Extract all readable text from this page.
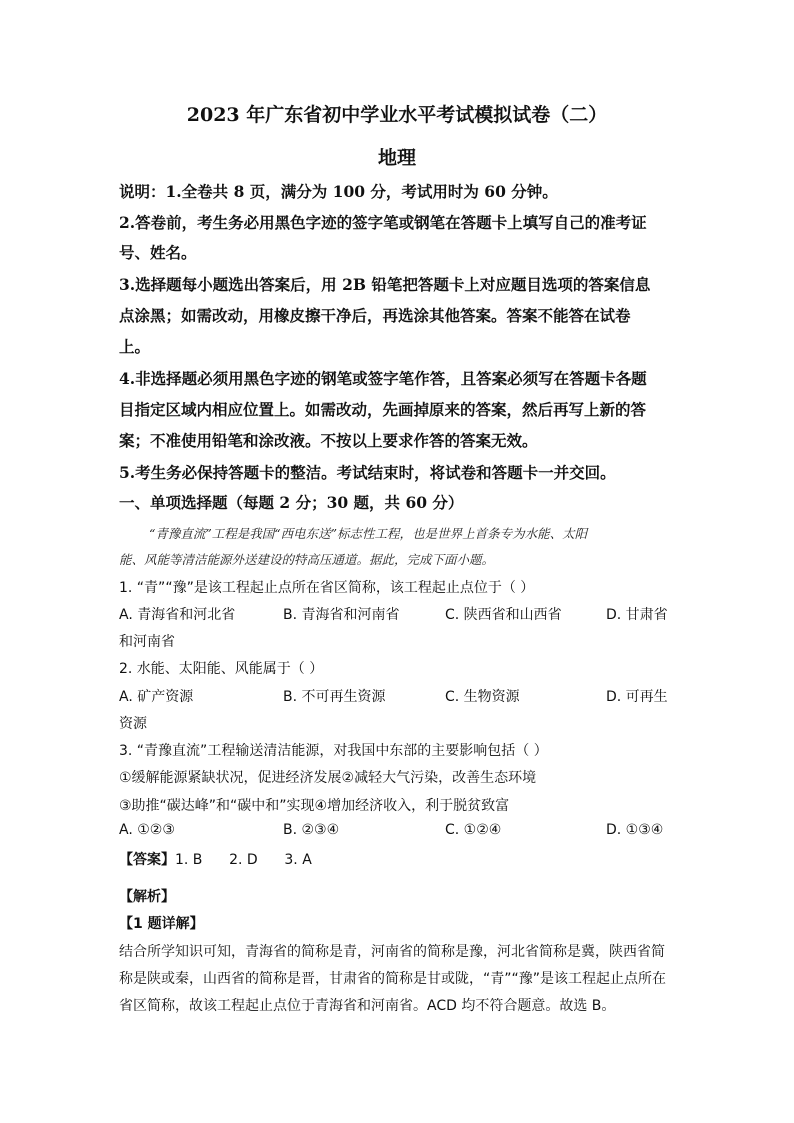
2023 年广东省初中学业水平考试模拟试卷（二）
地理
说明：1.全卷共 8 页，满分为 100 分，考试用时为 60 分钟。
2.答卷前，考生务必用黑色字迹的签字笔或钢笔在答题卡上填写自己的准考证
号、姓名。
3.选择题每小题选出答案后，用 2B 铅笔把答题卡上对应题目选项的答案信息
点涂黑；如需改动，用橡皮擦干净后，再选涂其他答案。答案不能答在试卷
上。
4.非选择题必须用黑色字迹的钢笔或签字笔作答，且答案必须写在答题卡各题
目指定区域内相应位置上。如需改动，先画掉原来的答案，然后再写上新的答
案；不准使用铅笔和涂改液。不按以上要求作答的答案无效。
5.考生务必保持答题卡的整洁。考试结束时，将试卷和答题卡一并交回。
一、单项选择题（每题 2 分；30 题，共 60 分）
“青豫直流”工程是我国“西电东送”标志性工程，也是世界上首条专为水能、太阳
能、风能等清洁能源外送建设的特高压通道。据此，完成下面小题。
1. “青”“豫”是该工程起止点所在省区简称，该工程起止点位于（ ）
A. 青海省和河北省	B. 青海省和河南省	C. 陕西省和山西省	D. 甘肃省
和河南省
2. 水能、太阳能、风能属于（ ）
A. 矿产资源	B. 不可再生资源	C. 生物资源	D. 可再生
资源
3. “青豫直流”工程输送清洁能源，对我国中东部的主要影响包括（ ）
①缓解能源紧缺状况，促进经济发展②减轻大气污染，改善生态环境
③助推“碳达峰”和“碳中和”实现④增加经济收入，利于脱贫致富
A. ①②③	B. ②③④	C. ①②④	D. ①③④
【答案】1. B      2. D      3. A
【解析】
【1 题详解】
结合所学知识可知，青海省的简称是青，河南省的简称是豫，河北省简称是冀，陕西省简
称是陕或秦，山西省的简称是晋，甘肃省的简称是甘或陇，“青”“豫”是该工程起止点所在
省区简称，故该工程起止点位于青海省和河南省。ACD 均不符合题意。故选 B。
